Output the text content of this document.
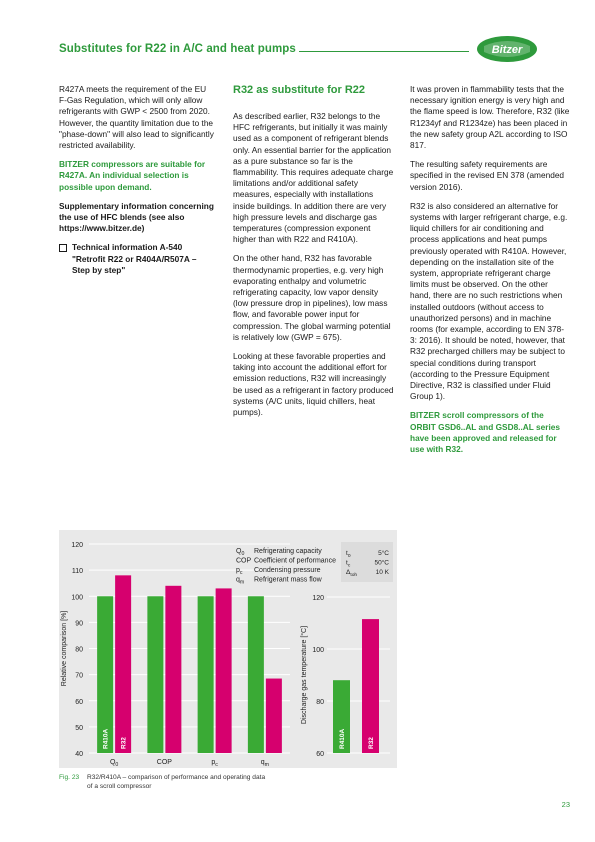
Substitutes for R22 in A/C and heat pumps	Bitzer

R427A meets the requirement of the EU F-Gas Regulation, which will only allow refrigerants with GWP < 2500 from 2020. However, the quantity limitation due to the "phase-down" will also lead to significantly restricted availability.

BITZER compressors are suitable for R427A. An individual selection is possible upon demand.

Supplementary information concerning the use of HFC blends (see also https://www.bitzer.de)

Technical information A-540 "Retrofit R22 or R404A/R507A – Step by step"
R32 as substitute for R22

As described earlier, R32 belongs to the HFC refrigerants, but initially it was mainly used as a component of refrigerant blends only. An essential barrier for the application as a pure substance so far is the flammability. This requires adequate charge limitations and/or additional safety measures, especially with installations inside buildings. In addition there are very high pressure levels and discharge gas temperatures (compression exponent higher than with R22 and R410A).

On the other hand, R32 has favorable thermodynamic properties, e.g. very high evaporating enthalpy and volumetric refrigerating capacity, low vapor density (low pressure drop in pipelines), low mass flow, and favorable power input for compression. The global warming potential is relatively low (GWP = 675).

Looking at these favorable properties and taking into account the additional effort for emission reductions, R32 will increasingly be used as a refrigerant in factory produced systems (A/C units, liquid chillers, heat pumps).

It was proven in flammability tests that the necessary ignition energy is very high and the flame speed is low. Therefore, R32 (like R1234yf and R1234ze) has been placed in the new safety group A2L according to ISO 817.

The resulting safety requirements are specified in the revised EN 378 (amended version 2016).

R32 is also considered an alternative for systems with larger refrigerant charge, e.g. liquid chillers for air conditioning and process applications and heat pumps previously operated with R410A. However, depending on the installation site of the system, appropriate refrigerant charge limits must be observed. On the other hand, there are no such restrictions when installed outdoors (without access to unauthorized persons) and in machine rooms (for example, according to EN 378-3: 2016). It should be noted, however, that R32 precharged chillers may be subject to special conditions during transport (according to the Pressure Equipment Directive, R32 is classified under Fluid Group 1).

BITZER scroll compressors of the ORBIT GSD6..AL and GSD8..AL series have been approved and released for use with R32.

40
50
60
70
80
90
100
110
120
Relative comparison [%]
R410A R32
$Q_0$	COP	$p_c$	$q_m$
$Q_0$ Refrigerating capacity
COP Coefficient of performance
$p_c$ Condensing pressure
$q_m$ Refrigerant mass flow
$t_0$	5°C
$t_c$	50°C
$\Delta_{toh}$	10 K
60
80
100
120
Discharge gas temperature [°C]
R410A	R32
Fig. 23 R32/R410A – comparison of performance and operating data
of a scroll compressor
23
